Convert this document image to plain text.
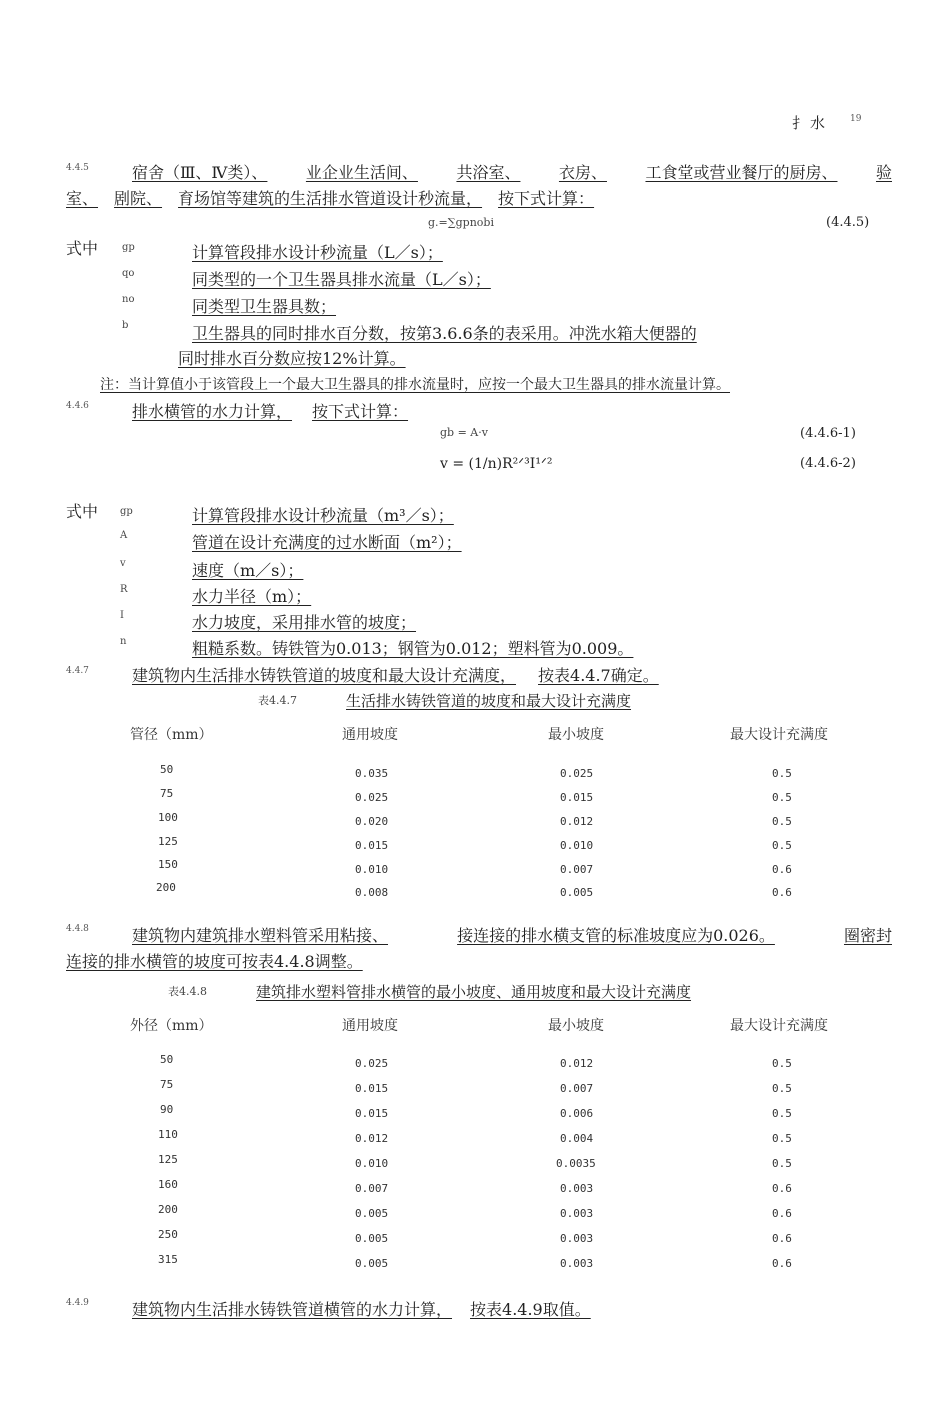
扌 水	19
4.4.5	宿舍（Ⅲ、Ⅳ类）、 业企业生活间、 共浴室、 衣房、 工食堂或营业餐厅的厨房、 验
室、 剧院、 育场馆等建筑的生活排水管道设计秒流量， 按下式计算：
g.=∑gpnobi	(4.4.5)
式中 gp	计算管段排水设计秒流量（L／s）；
qo	同类型的一个卫生器具排水流量（L／s）；
no	同类型卫生器具数；
b	卫生器具的同时排水百分数，按第3.6.6条的表采用。冲洗水箱大便器的
同时排水百分数应按12%计算。
注：当计算值小于该管段上一个最大卫生器具的排水流量时，应按一个最大卫生器具的排水流量计算。
4.4.6	排水横管的水力计算， 按下式计算：
gb = A·v	(4.4.6-1)
v = (1/n)R²ᐟ³I¹ᐟ²	(4.4.6-2)
式中 gp	计算管段排水设计秒流量（m³／s）；
A	管道在设计充满度的过水断面（m²）；
v	速度（m／s）；
R	水力半径（m）；
I	水力坡度，采用排水管的坡度；
n	粗糙系数。铸铁管为0.013；钢管为0.012；塑料管为0.009。
4.4.7	建筑物内生活排水铸铁管道的坡度和最大设计充满度， 按表4.4.7确定。
表4.4.7	生活排水铸铁管道的坡度和最大设计充满度
管径（mm）	通用坡度	最小坡度	最大设计充满度
50	0.035	0.025	0.5
75	0.025	0.015	0.5
100	0.020	0.012	0.5
125	0.015	0.010	0.5
150	0.010	0.007	0.6
200	0.008	0.005	0.6
4.4.8	建筑物内建筑排水塑料管采用粘接、	接连接的排水横支管的标准坡度应为0.026。	圈密封
连接的排水横管的坡度可按表4.4.8调整。
表4.4.8	建筑排水塑料管排水横管的最小坡度、通用坡度和最大设计充满度
外径（mm）	通用坡度	最小坡度	最大设计充满度
50	0.025	0.012	0.5
75	0.015	0.007	0.5
90	0.015	0.006	0.5
110	0.012	0.004	0.5
125	0.010	0.0035	0.5
160	0.007	0.003	0.6
200	0.005	0.003	0.6
250	0.005	0.003	0.6
315	0.005	0.003	0.6
4.4.9	建筑物内生活排水铸铁管道横管的水力计算， 按表4.4.9取值。
